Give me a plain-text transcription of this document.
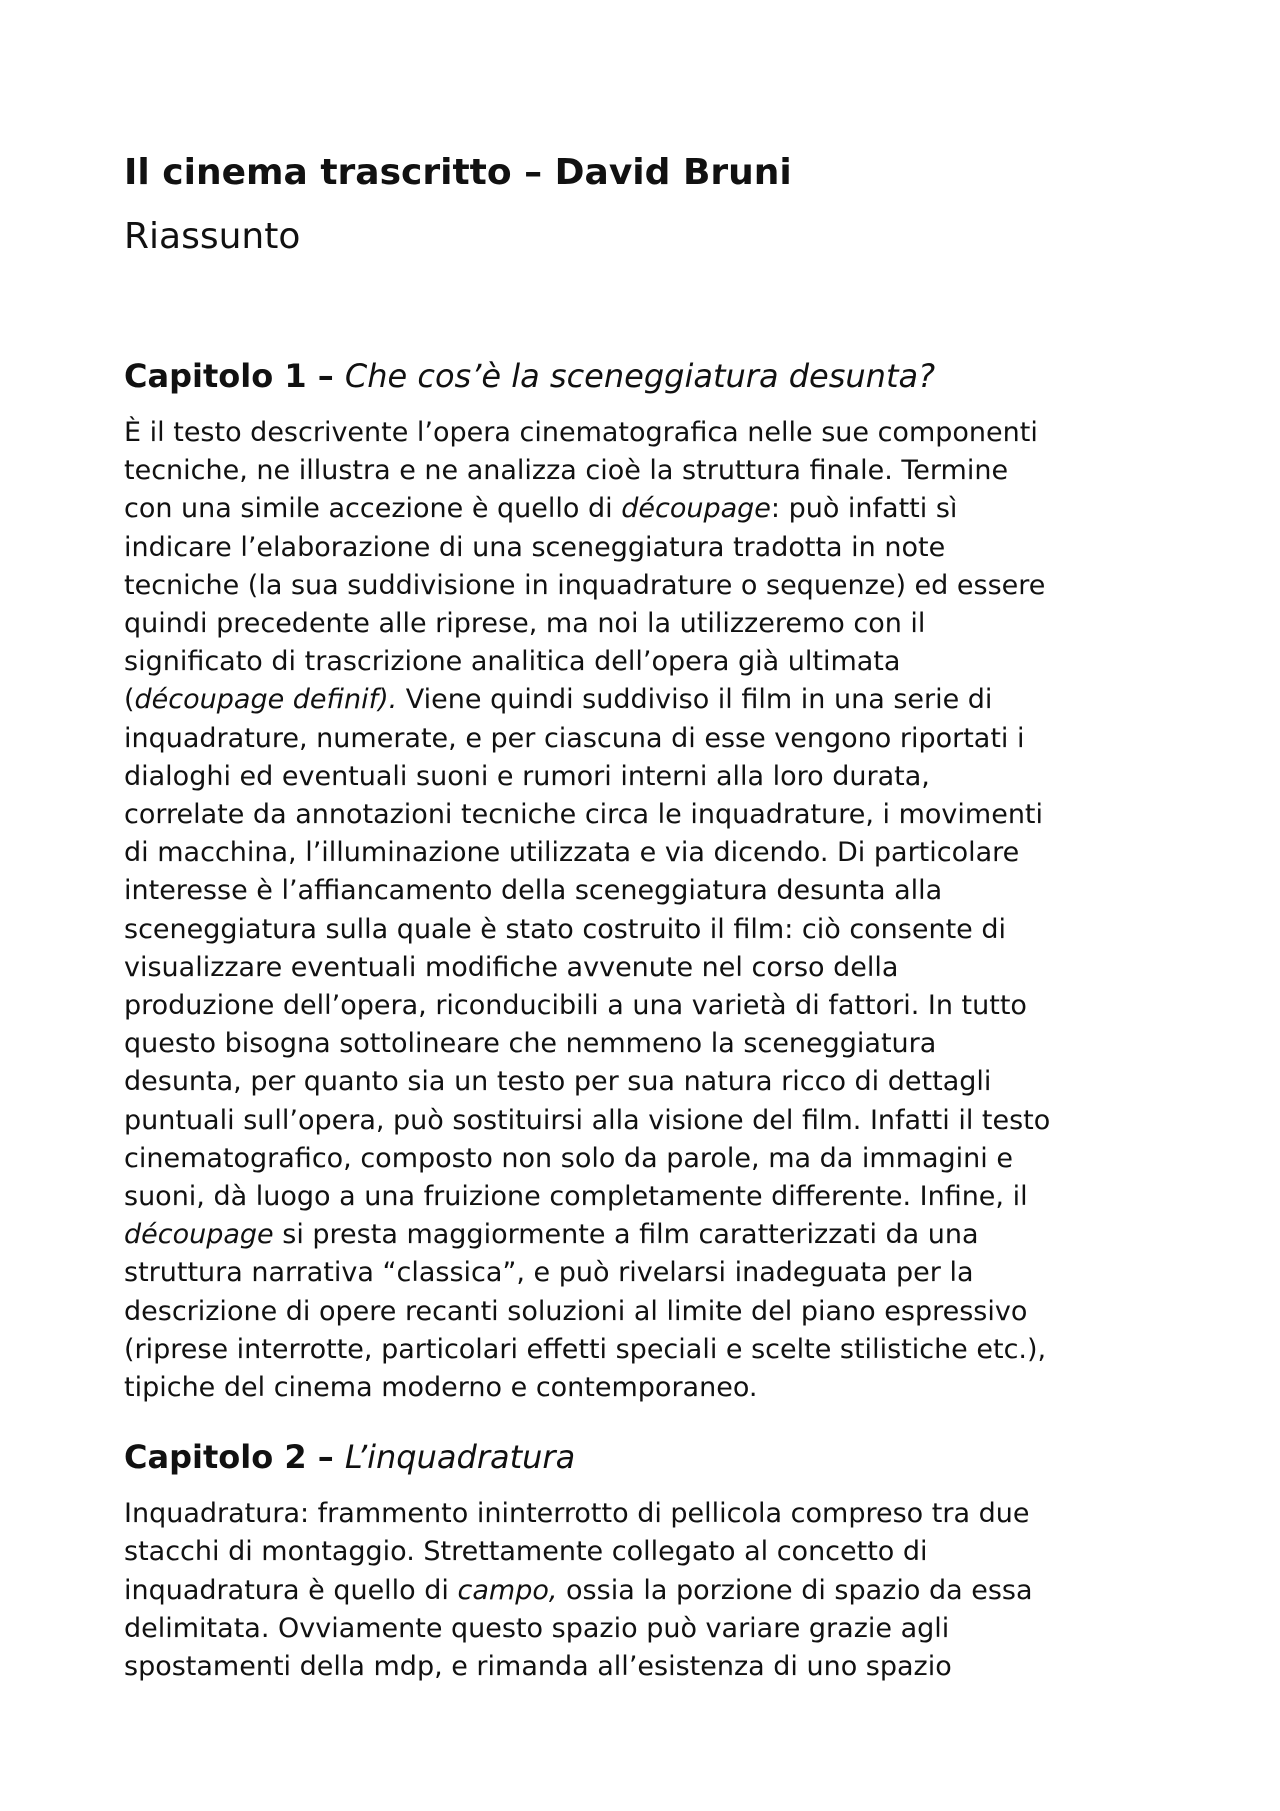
Il cinema trascritto – David Bruni
Riassunto
Capitolo 1 – Che cos’è la sceneggiatura desunta?

È il testo descrivente l’opera cinematografica nelle sue componenti
tecniche, ne illustra e ne analizza cioè la struttura finale. Termine
con una simile accezione è quello di découpage: può infatti sì
indicare l’elaborazione di una sceneggiatura tradotta in note
tecniche (la sua suddivisione in inquadrature o sequenze) ed essere
quindi precedente alle riprese, ma noi la utilizzeremo con il
significato di trascrizione analitica dell’opera già ultimata
(découpage definif). Viene quindi suddiviso il film in una serie di
inquadrature, numerate, e per ciascuna di esse vengono riportati i
dialoghi ed eventuali suoni e rumori interni alla loro durata,
correlate da annotazioni tecniche circa le inquadrature, i movimenti
di macchina, l’illuminazione utilizzata e via dicendo. Di particolare
interesse è l’affiancamento della sceneggiatura desunta alla
sceneggiatura sulla quale è stato costruito il film: ciò consente di
visualizzare eventuali modifiche avvenute nel corso della
produzione dell’opera, riconducibili a una varietà di fattori. In tutto
questo bisogna sottolineare che nemmeno la sceneggiatura
desunta, per quanto sia un testo per sua natura ricco di dettagli
puntuali sull’opera, può sostituirsi alla visione del film. Infatti il testo
cinematografico, composto non solo da parole, ma da immagini e
suoni, dà luogo a una fruizione completamente differente. Infine, il
découpage si presta maggiormente a film caratterizzati da una
struttura narrativa “classica”, e può rivelarsi inadeguata per la
descrizione di opere recanti soluzioni al limite del piano espressivo
(riprese interrotte, particolari effetti speciali e scelte stilistiche etc.),
tipiche del cinema moderno e contemporaneo.

Capitolo 2 – L’inquadratura

Inquadratura: frammento ininterrotto di pellicola compreso tra due
stacchi di montaggio. Strettamente collegato al concetto di
inquadratura è quello di campo, ossia la porzione di spazio da essa
delimitata. Ovviamente questo spazio può variare grazie agli
spostamenti della mdp, e rimanda all’esistenza di uno spazio
